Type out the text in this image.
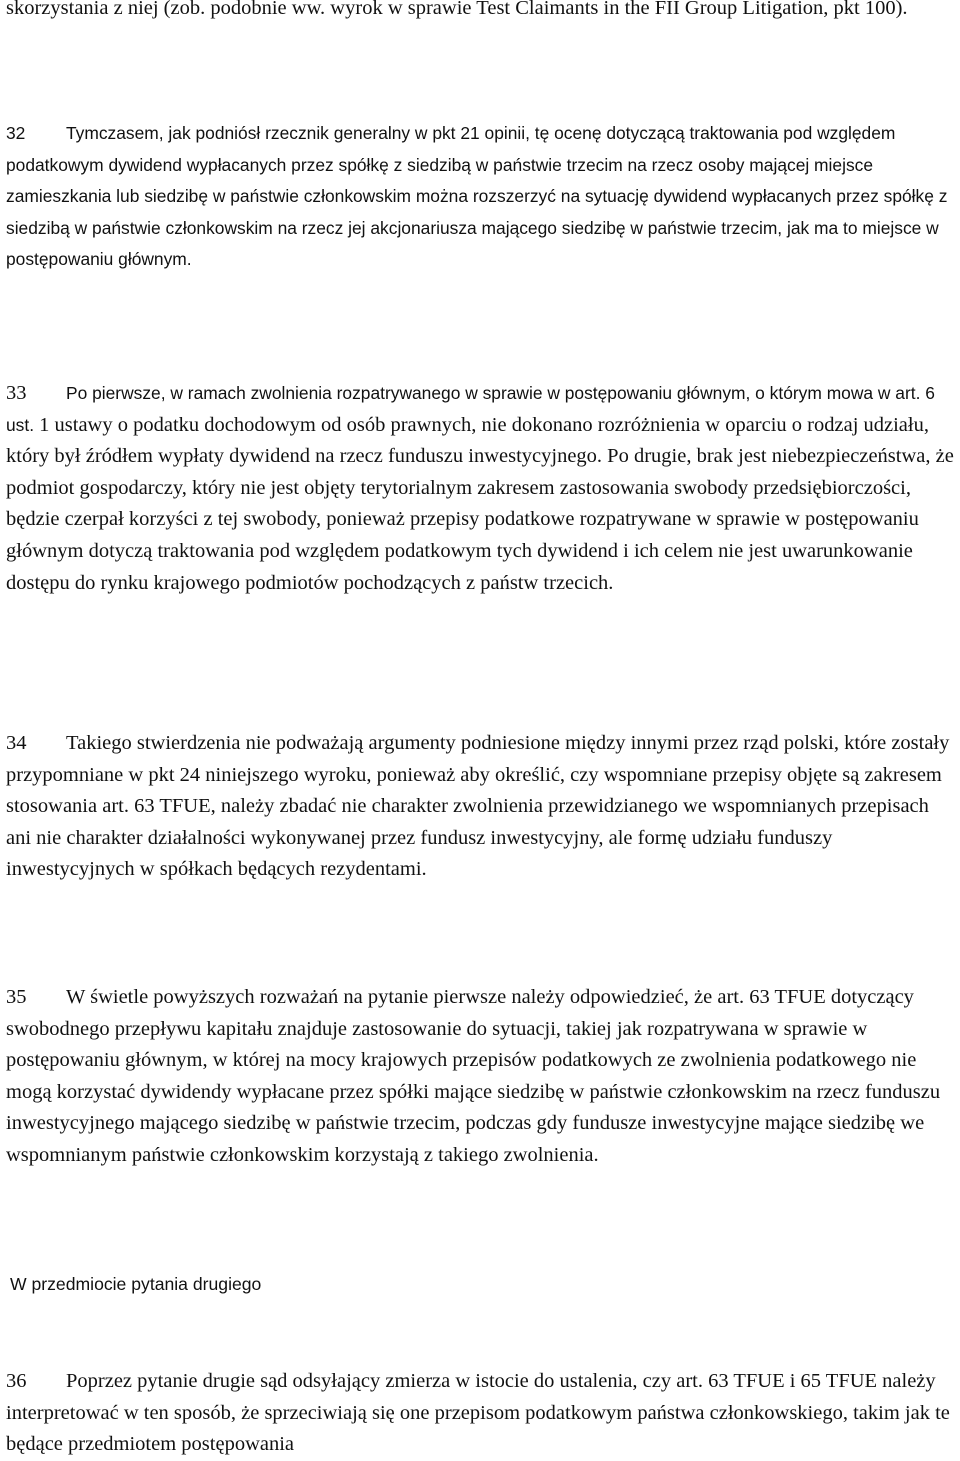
skorzystania z niej (zob. podobnie ww. wyrok w sprawie Test Claimants in the FII Group Litigation, pkt 100).

32 Tymczasem, jak podniósł rzecznik generalny w pkt 21 opinii, tę ocenę dotyczącą traktowania pod względem podatkowym dywidend wypłacanych przez spółkę z siedzibą w państwie trzecim na rzecz osoby mającej miejsce zamieszkania lub siedzibę w państwie członkowskim można rozszerzyć na sytuację dywidend wypłacanych przez spółkę z siedzibą w państwie członkowskim na rzecz jej akcjonariusza mającego siedzibę w państwie trzecim, jak ma to miejsce w postępowaniu głównym.

33 Po pierwsze, w ramach zwolnienia rozpatrywanego w sprawie w postępowaniu głównym, o którym mowa w art. 6 ust. 1 ustawy o podatku dochodowym od osób prawnych, nie dokonano rozróżnienia w oparciu o rodzaj udziału, który był źródłem wypłaty dywidend na rzecz funduszu inwestycyjnego. Po drugie, brak jest niebezpieczeństwa, że podmiot gospodarczy, który nie jest objęty terytorialnym zakresem zastosowania swobody przedsiębiorczości, będzie czerpał korzyści z tej swobody, ponieważ przepisy podatkowe rozpatrywane w sprawie w postępowaniu głównym dotyczą traktowania pod względem podatkowym tych dywidend i ich celem nie jest uwarunkowanie dostępu do rynku krajowego podmiotów pochodzących z państw trzecich.

34 Takiego stwierdzenia nie podważają argumenty podniesione między innymi przez rząd polski, które zostały przypomniane w pkt 24 niniejszego wyroku, ponieważ aby określić, czy wspomniane przepisy objęte są zakresem stosowania art. 63 TFUE, należy zbadać nie charakter zwolnienia przewidzianego we wspomnianych przepisach ani nie charakter działalności wykonywanej przez fundusz inwestycyjny, ale formę udziału funduszy inwestycyjnych w spółkach będących rezydentami.

35 W świetle powyższych rozważań na pytanie pierwsze należy odpowiedzieć, że art. 63 TFUE dotyczący swobodnego przepływu kapitału znajduje zastosowanie do sytuacji, takiej jak rozpatrywana w sprawie w postępowaniu głównym, w której na mocy krajowych przepisów podatkowych ze zwolnienia podatkowego nie mogą korzystać dywidendy wypłacane przez spółki mające siedzibę w państwie członkowskim na rzecz funduszu inwestycyjnego mającego siedzibę w państwie trzecim, podczas gdy fundusze inwestycyjne mające siedzibę we wspomnianym państwie członkowskim korzystają z takiego zwolnienia.

W przedmiocie pytania drugiego

36 Poprzez pytanie drugie sąd odsyłający zmierza w istocie do ustalenia, czy art. 63 TFUE i 65 TFUE należy interpretować w ten sposób, że sprzeciwiają się one przepisom podatkowym państwa członkowskiego, takim jak te będące przedmiotem postępowania
